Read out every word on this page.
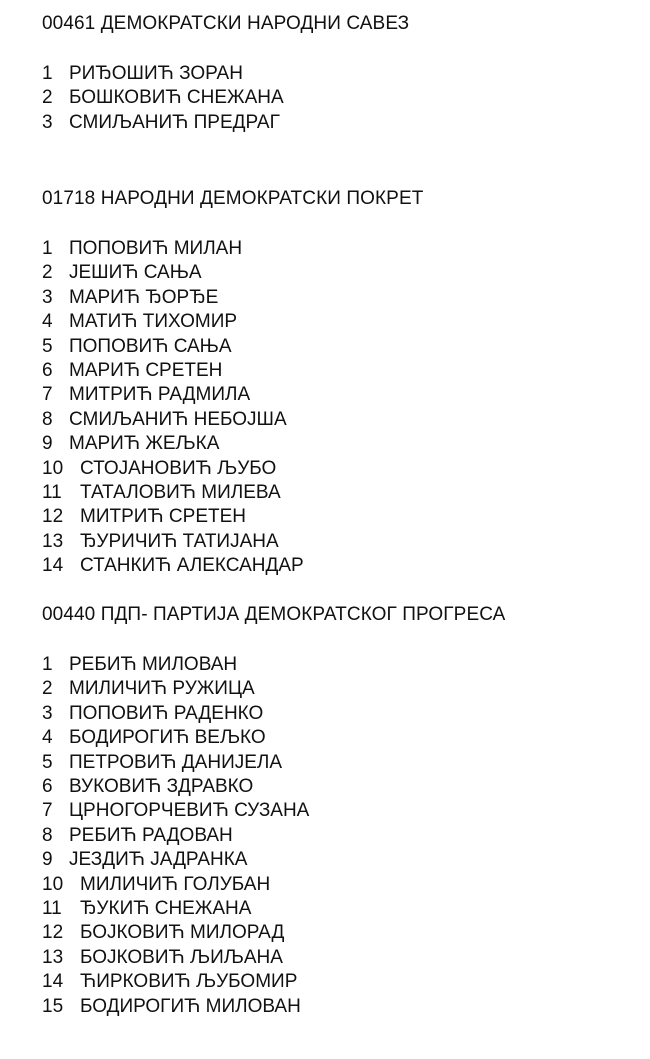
00461 ДЕМОКРАТСКИ НАРОДНИ САВЕЗ
1 РИЂОШИЋ ЗОРАН
2 БОШКОВИЋ СНЕЖАНА
3 СМИЉАНИЋ ПРЕДРАГ
01718 НАРОДНИ ДЕМОКРАТСКИ ПОКРЕТ
1 ПОПОВИЋ МИЛАН
2 ЈЕШИЋ САЊА
3 МАРИЋ ЂОРЂЕ
4 МАТИЋ ТИХОМИР
5 ПОПОВИЋ САЊА
6 МАРИЋ СРЕТЕН
7 МИТРИЋ РАДМИЛА
8 СМИЉАНИЋ НЕБОЈША
9 МАРИЋ ЖЕЉКА
10 СТОЈАНОВИЋ ЉУБО
11 ТАТАЛОВИЋ МИЛЕВА
12 МИТРИЋ СРЕТЕН
13 ЂУРИЧИЋ ТАТИЈАНА
14 СТАНКИЋ АЛЕКСАНДАР
00440 ПДП- ПАРТИЈА ДЕМОКРАТСКОГ ПРОГРЕСА
1 РЕБИЋ МИЛОВАН
2 МИЛИЧИЋ РУЖИЦА
3 ПОПОВИЋ РАДЕНКО
4 БОДИРОГИЋ ВЕЉКО
5 ПЕТРОВИЋ ДАНИЈЕЛА
6 ВУКОВИЋ ЗДРАВКО
7 ЦРНОГОРЧЕВИЋ СУЗАНА
8 РЕБИЋ РАДОВАН
9 ЈЕЗДИЋ ЈАДРАНКА
10 МИЛИЧИЋ ГОЛУБАН
11 ЂУКИЋ СНЕЖАНА
12 БОЈКОВИЋ МИЛОРАД
13 БОЈКОВИЋ ЉИЉАНА
14 ЋИРКОВИЋ ЉУБОМИР
15 БОДИРОГИЋ МИЛОВАН
